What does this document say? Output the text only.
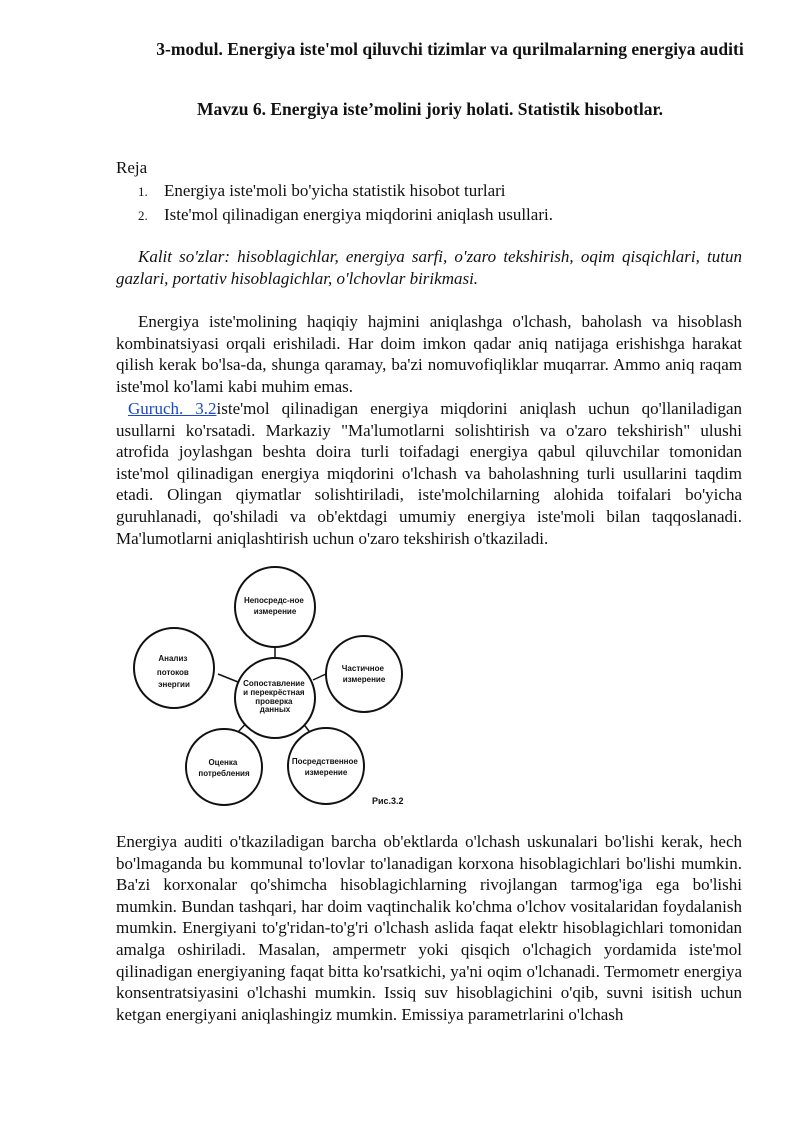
3-modul. Energiya iste'mol qiluvchi tizimlar va qurilmalarning energiya auditi
Mavzu 6. Energiya iste’molini joriy holati. Statistik hisobotlar.
Reja
1. Energiya iste'moli bo'yicha statistik hisobot turlari
2. Iste'mol qilinadigan energiya miqdorini aniqlash usullari.
Kalit so'zlar: hisoblagichlar, energiya sarfi, o'zaro tekshirish, oqim qisqichlari, tutun gazlari, portativ hisoblagichlar, o'lchovlar birikmasi.
Energiya iste'molining haqiqiy hajmini aniqlashga o'lchash, baholash va hisoblash kombinatsiyasi orqali erishiladi. Har doim imkon qadar aniq natijaga erishishga harakat qilish kerak bo'lsa-da, shunga qaramay, ba'zi nomuvofiqliklar muqarrar. Ammo aniq raqam iste'mol ko'lami kabi muhim emas.
Guruch. 3.2iste'mol qilinadigan energiya miqdorini aniqlash uchun qo'llaniladigan usullarni ko'rsatadi. Markaziy "Ma'lumotlarni solishtirish va o'zaro tekshirish" ulushi atrofida joylashgan beshta doira turli toifadagi energiya qabul qiluvchilar tomonidan iste'mol qilinadigan energiya miqdorini o'lchash va baholashning turli usullarini taqdim etadi. Olingan qiymatlar solishtiriladi, iste'molchilarning alohida toifalari bo'yicha guruhlanadi, qo'shiladi va ob'ektdagi umumiy energiya iste'moli bilan taqqoslanadi. Ma'lumotlarni aniqlashtirish uchun o'zaro tekshirish o'tkaziladi.
Непосредс-ное измерение
Частичное измерение
Посредственное измерение
Оценка потребления
Анализ потоков энергии	Сопоставление и перекрёстная проверка данных
Рис.3.2
Energiya auditi o'tkaziladigan barcha ob'ektlarda o'lchash uskunalari bo'lishi kerak, hech bo'lmaganda bu kommunal to'lovlar to'lanadigan korxona hisoblagichlari bo'lishi mumkin. Ba'zi korxonalar qo'shimcha hisoblagichlarning rivojlangan tarmog'iga ega bo'lishi mumkin. Bundan tashqari, har doim vaqtinchalik ko'chma o'lchov vositalaridan foydalanish mumkin. Energiyani to'g'ridan-to'g'ri o'lchash aslida faqat elektr hisoblagichlari tomonidan amalga oshiriladi. Masalan, ampermetr yoki qisqich o'lchagich yordamida iste'mol qilinadigan energiyaning faqat bitta ko'rsatkichi, ya'ni oqim o'lchanadi. Termometr energiya konsentratsiyasini o'lchashi mumkin. Issiq suv hisoblagichini o'qib, suvni isitish uchun ketgan energiyani aniqlashingiz mumkin. Emissiya parametrlarini o'lchash
